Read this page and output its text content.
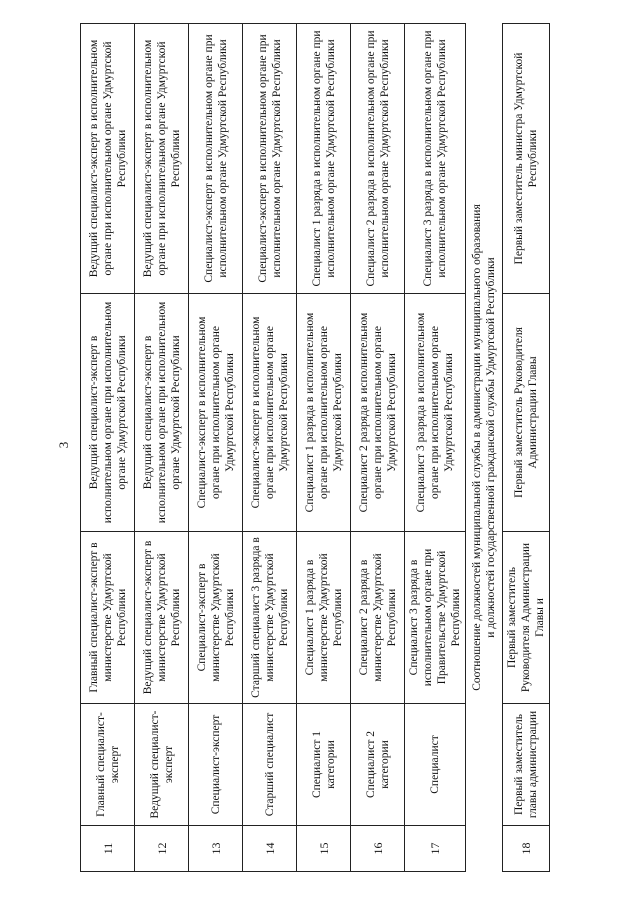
3
11	Главный специалист-эксперт	Главный специалист-эксперт в министерстве Удмуртской Республики	Ведущий специалист-эксперт в исполнительном органе при исполнительном органе Удмуртской Республики	Ведущий специалист-эксперт в исполнительном органе при исполнительном органе Удмуртской Республики
12	Ведущий специалист-эксперт	Ведущий специалист-эксперт в министерстве Удмуртской Республики	Ведущий специалист-эксперт в исполнительном органе при исполнительном органе Удмуртской Республики	Ведущий специалист-эксперт в исполнительном органе при исполнительном органе Удмуртской Республики
13	Специалист-эксперт	Специалист-эксперт в министерстве Удмуртской Республики	Специалист-эксперт в исполнительном органе при исполнительном органе Удмуртской Республики	Специалист-эксперт в исполнительном органе при исполнительном органе Удмуртской Республики
14	Старший специалист	Старший специалист 3 разряда в министерстве Удмуртской Республики	Специалист-эксперт в исполнительном органе при исполнительном органе Удмуртской Республики	Специалист-эксперт в исполнительном органе при исполнительном органе Удмуртской Республики
15	Специалист 1 категории	Специалист 1 разряда в министерстве Удмуртской Республики	Специалист 1 разряда в исполнительном органе при исполнительном органе Удмуртской Республики	Специалист 1 разряда в исполнительном органе при исполнительном органе Удмуртской Республики
16	Специалист 2 категории	Специалист 2 разряда в министерстве Удмуртской Республики	Специалист 2 разряда в исполнительном органе при исполнительном органе Удмуртской Республики	Специалист 2 разряда в исполнительном органе при исполнительном органе Удмуртской Республики
17	Специалист	Специалист 3 разряда в исполнительном органе при Правительстве Удмуртской Республики	Специалист 3 разряда в исполнительном органе при исполнительном органе Удмуртской Республики	Специалист 3 разряда в исполнительном органе при исполнительном органе Удмуртской Республики

Соотношение должностей муниципальной службы в администрации муниципального образования и должностей государственной гражданской службы Удмуртской Республики				

18	Первый заместитель главы администрации	Первый заместитель Руководителя Администрации Главы и	Первый заместитель Руководителя Администрации Главы	Первый заместитель министра Удмуртской Республики
